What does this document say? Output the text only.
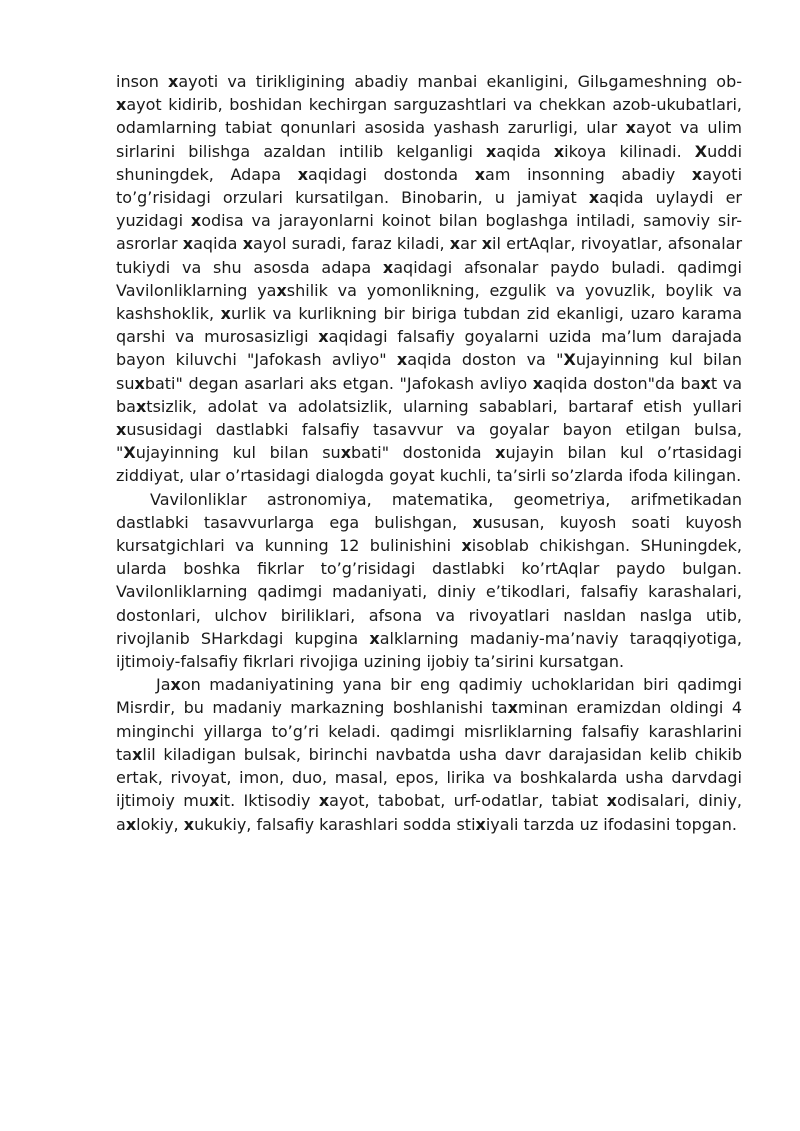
inson xayoti va tirikligining abadiy manbai ekanligini, Gilьgameshning ob-xayot kidirib, boshidan kechirgan sarguzashtlari va chekkan azob-ukubatlari, odamlarning tabiat qonunlari asosida yashash zarurligi, ular xayot va ulim sirlarini bilishga azaldan intilib kelganligi xaqida xikoya kilinadi. Xuddi shuningdek, Adapa xaqidagi dostonda xam insonning abadiy xayoti to’g’risidagi orzulari kursatilgan. Binobarin, u jamiyat xaqida uylaydi er yuzidagi xodisa va jarayonlarni koinot bilan boglashga intiladi, samoviy sir-asrorlar xaqida xayol suradi, faraz kiladi, xar xil ertAqlar, rivoyatlar, afsonalar tukiydi va shu asosda adapa xaqidagi afsonalar paydo buladi. qadimgi Vavilonliklarning yaxshilik va yomonlikning, ezgulik va yovuzlik, boylik va kashshoklik, xurlik va kurlikning bir biriga tubdan zid ekanligi, uzaro karama qarshi va murosasizligi xaqidagi falsafiy goyalarni uzida ma’lum darajada bayon kiluvchi "Jafokash avliyo" xaqida doston va "Xujayinning kul bilan suxbati" degan asarlari aks etgan. "Jafokash avliyo xaqida doston"da baxt va baxtsizlik, adolat va adolatsizlik, ularning sabablari, bartaraf etish yullari xususidagi dastlabki falsafiy tasavvur va goyalar bayon etilgan bulsa, "Xujayinning kul bilan suxbati" dostonida xujayin bilan kul o’rtasidagi ziddiyat, ular o’rtasidagi dialogda goyat kuchli, ta’sirli so’zlarda ifoda kilingan.

Vavilonliklar astronomiya, matematika, geometriya, arifmetikadan dastlabki tasavvurlarga ega bulishgan, xususan, kuyosh soati kuyosh kursatgichlari va kunning 12 bulinishini xisoblab chikishgan. SHuningdek, ularda boshka fikrlar to’g’risidagi dastlabki ko’rtAqlar paydo bulgan. Vavilonliklarning qadimgi madaniyati, diniy e’tikodlari, falsafiy karashalari, dostonlari, ulchov birilikIari, afsona va rivoyatlari nasldan naslga utib, rivojlanib SHarkdagi kupgina xalklarning madaniy-ma’naviy taraqqiyotiga, ijtimoiy-falsafiy fikrlari rivojiga uzining ijobiy ta’sirini kursatgan.

Jaxon madaniyatining yana bir eng qadimiy uchoklaridan biri qadimgi Misrdir, bu madaniy markazning boshlanishi taxminan eramizdan oldingi 4 minginchi yillarga to’g’ri keladi. qadimgi misrliklarning falsafiy karashlarini taxlil kiladigan bulsak, birinchi navbatda usha davr darajasidan kelib chikib ertak, rivoyat, imon, duo, masal, epos, lirika va boshkalarda usha darvdagi ijtimoiy muxit. Iktisodiy xayot, tabobat, urf-odatlar, tabiat xodisalari, diniy, axlokiy, xukukiy, falsafiy karashlari sodda stixiyali tarzda uz ifodasini topgan.
